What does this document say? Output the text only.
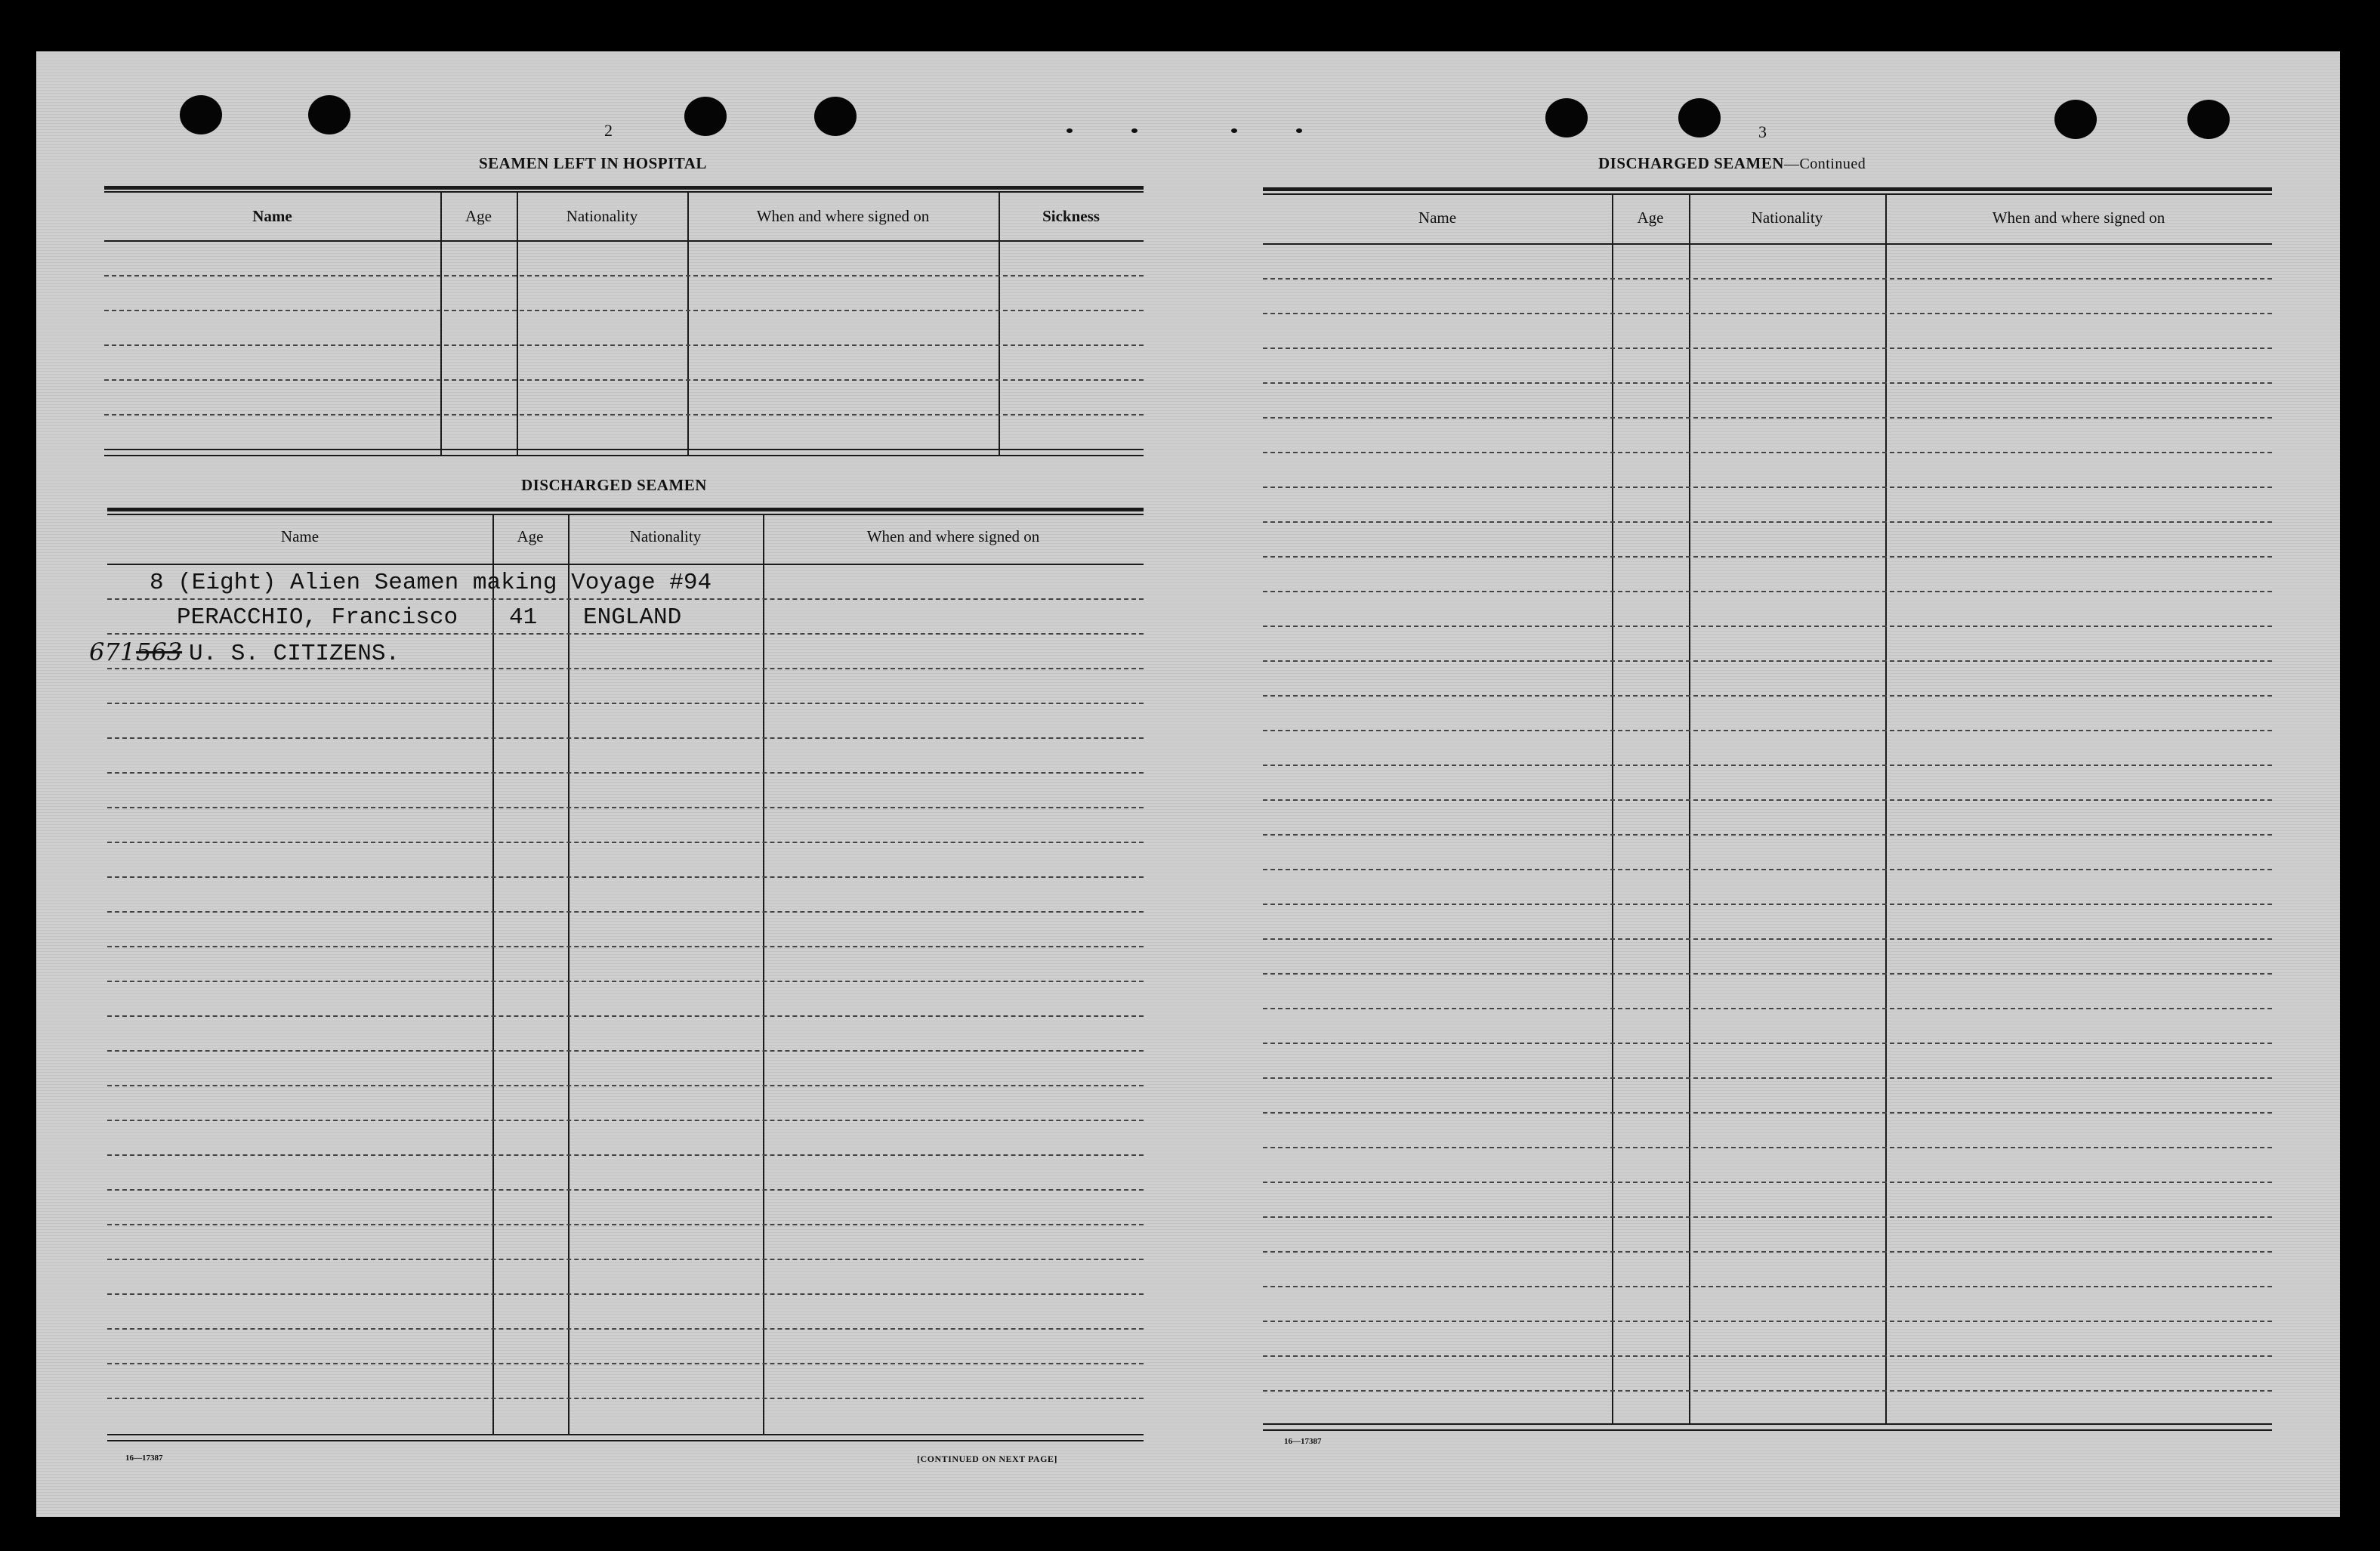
2
SEAMEN LEFT IN HOSPITAL
Name	Age	Nationality	When and where signed on	Sickness
DISCHARGED SEAMEN
Name	Age	Nationality	When and where signed on
8 (Eight) Alien Seamen making Voyage #94
PERACCHIO, Francisco 41 ENGLAND
671 563 U. S. CITIZENS.
16—17387	[CONTINUED ON NEXT PAGE]
3
DISCHARGED SEAMEN—Continued
Name	Age	Nationality	When and where signed on
16—17387
